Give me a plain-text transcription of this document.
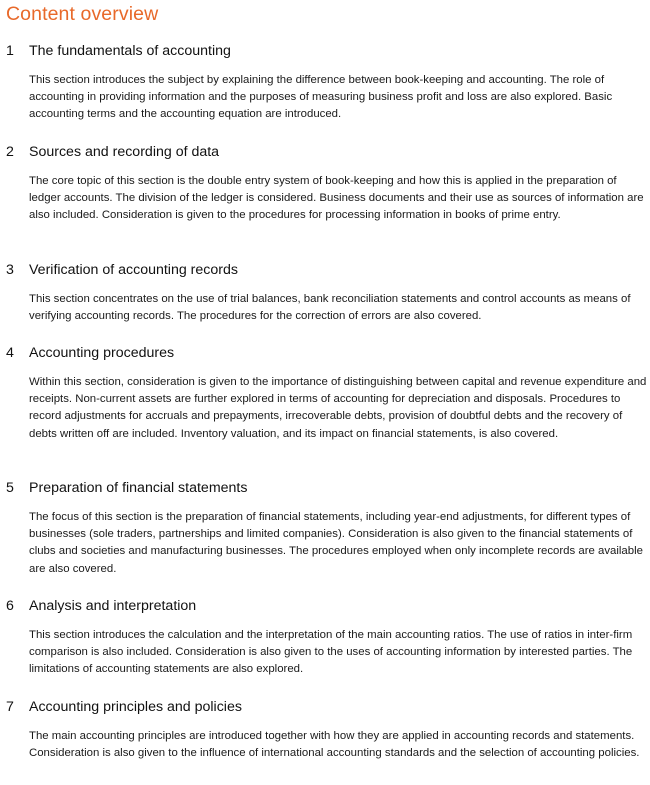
Content overview
1 The fundamentals of accounting

This section introduces the subject by explaining the difference between book-keeping and accounting. The role of accounting in providing information and the purposes of measuring business profit and loss are also explored. Basic accounting terms and the accounting equation are introduced.

2 Sources and recording of data

The core topic of this section is the double entry system of book-keeping and how this is applied in the preparation of ledger accounts. The division of the ledger is considered. Business documents and their use as sources of information are also included. Consideration is given to the procedures for processing information in books of prime entry.

3 Verification of accounting records

This section concentrates on the use of trial balances, bank reconciliation statements and control accounts as means of verifying accounting records. The procedures for the correction of errors are also covered.

4 Accounting procedures

Within this section, consideration is given to the importance of distinguishing between capital and revenue expenditure and receipts. Non-current assets are further explored in terms of accounting for depreciation and disposals. Procedures to record adjustments for accruals and prepayments, irrecoverable debts, provision of doubtful debts and the recovery of debts written off are included. Inventory valuation, and its impact on financial statements, is also covered.

5 Preparation of financial statements

The focus of this section is the preparation of financial statements, including year-end adjustments, for different types of businesses (sole traders, partnerships and limited companies). Consideration is also given to the financial statements of clubs and societies and manufacturing businesses. The procedures employed when only incomplete records are available are also covered.

6 Analysis and interpretation

This section introduces the calculation and the interpretation of the main accounting ratios. The use of ratios in inter-firm comparison is also included. Consideration is also given to the uses of accounting information by interested parties. The limitations of accounting statements are also explored.

7 Accounting principles and policies

The main accounting principles are introduced together with how they are applied in accounting records and statements. Consideration is also given to the influence of international accounting standards and the selection of accounting policies.
